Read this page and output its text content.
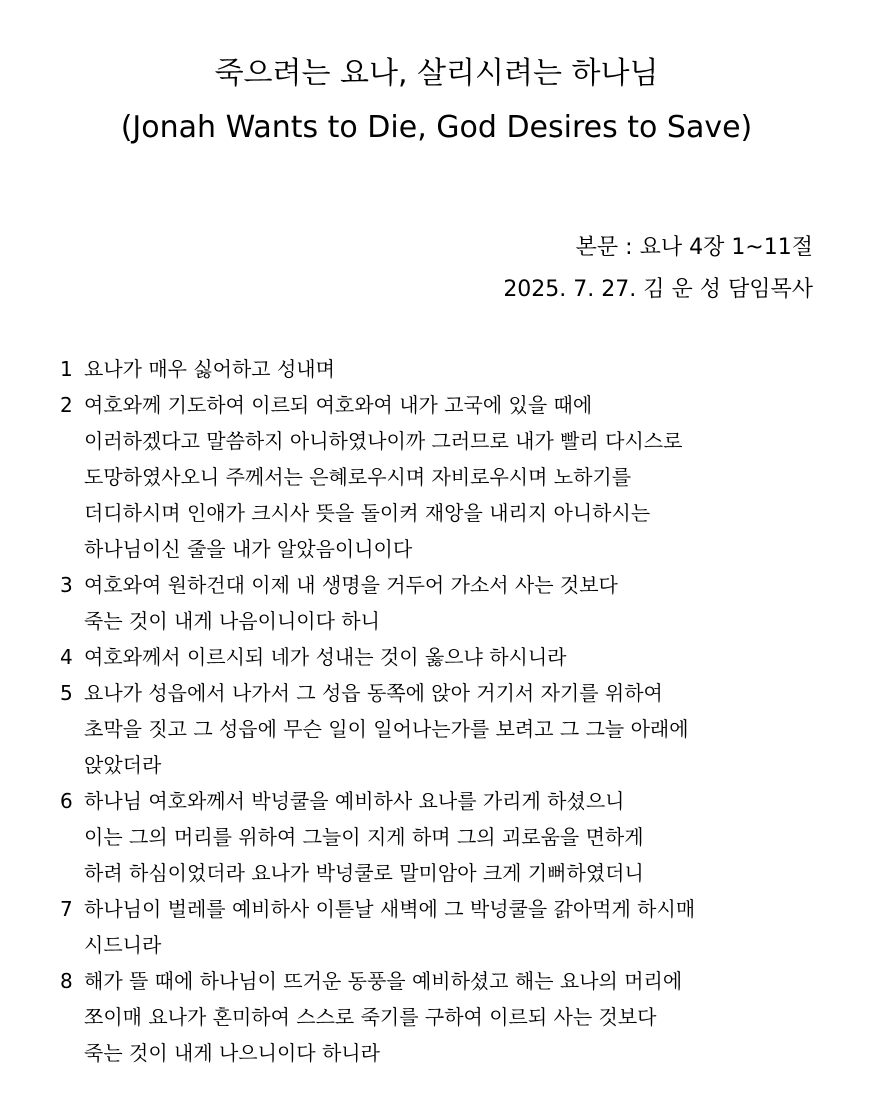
죽으려는 요나, 살리시려는 하나님
(Jonah Wants to Die, God Desires to Save)
본문 : 요나 4장 1~11절
2025. 7. 27. 김 운 성 담임목사
1 요나가 매우 싫어하고 성내며
2 여호와께 기도하여 이르되 여호와여 내가 고국에 있을 때에
이러하겠다고 말씀하지 아니하였나이까 그러므로 내가 빨리 다시스로
도망하였사오니 주께서는 은혜로우시며 자비로우시며 노하기를
더디하시며 인애가 크시사 뜻을 돌이켜 재앙을 내리지 아니하시는
하나님이신 줄을 내가 알았음이니이다
3 여호와여 원하건대 이제 내 생명을 거두어 가소서 사는 것보다
죽는 것이 내게 나음이니이다 하니
4 여호와께서 이르시되 네가 성내는 것이 옳으냐 하시니라
5 요나가 성읍에서 나가서 그 성읍 동쪽에 앉아 거기서 자기를 위하여
초막을 짓고 그 성읍에 무슨 일이 일어나는가를 보려고 그 그늘 아래에
앉았더라
6 하나님 여호와께서 박넝쿨을 예비하사 요나를 가리게 하셨으니
이는 그의 머리를 위하여 그늘이 지게 하며 그의 괴로움을 면하게
하려 하심이었더라 요나가 박넝쿨로 말미암아 크게 기뻐하였더니
7 하나님이 벌레를 예비하사 이튿날 새벽에 그 박넝쿨을 갉아먹게 하시매
시드니라
8 해가 뜰 때에 하나님이 뜨거운 동풍을 예비하셨고 해는 요나의 머리에
쪼이매 요나가 혼미하여 스스로 죽기를 구하여 이르되 사는 것보다
죽는 것이 내게 나으니이다 하니라
